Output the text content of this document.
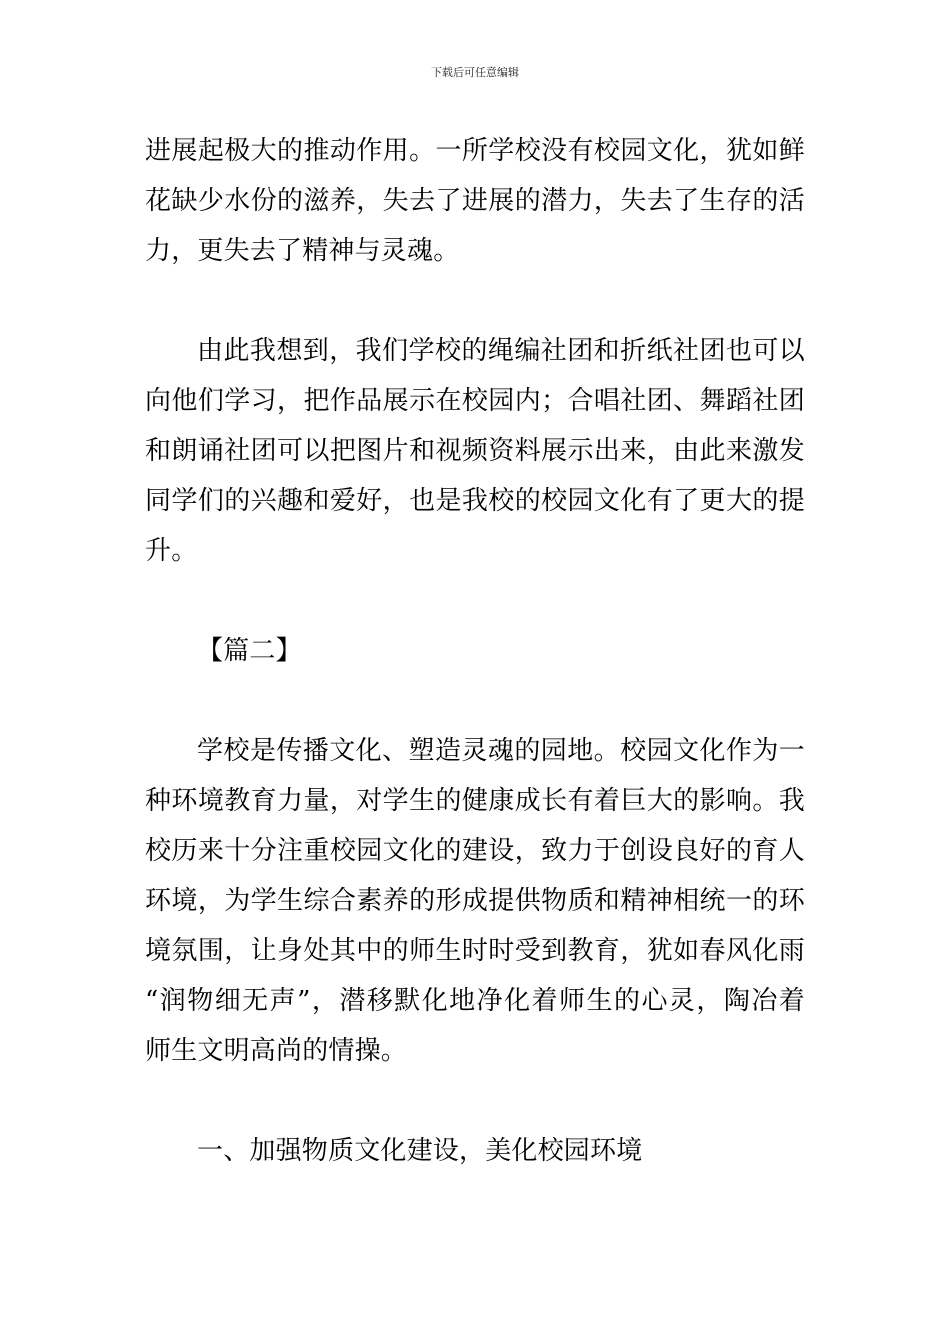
下载后可任意编辑
进展起极大的推动作用。一所学校没有校园文化，犹如鲜
花缺少水份的滋养，失去了进展的潜力，失去了生存的活
力，更失去了精神与灵魂。
由此我想到，我们学校的绳编社团和折纸社团也可以
向他们学习，把作品展示在校园内；合唱社团、舞蹈社团
和朗诵社团可以把图片和视频资料展示出来，由此来激发
同学们的兴趣和爱好，也是我校的校园文化有了更大的提
升。
【篇二】
学校是传播文化、塑造灵魂的园地。校园文化作为一
种环境教育力量，对学生的健康成长有着巨大的影响。我
校历来十分注重校园文化的建设，致力于创设良好的育人
环境，为学生综合素养的形成提供物质和精神相统一的环
境氛围，让身处其中的师生时时受到教育，犹如春风化雨
“润物细无声”，潜移默化地净化着师生的心灵，陶冶着
师生文明高尚的情操。
一、加强物质文化建设，美化校园环境
